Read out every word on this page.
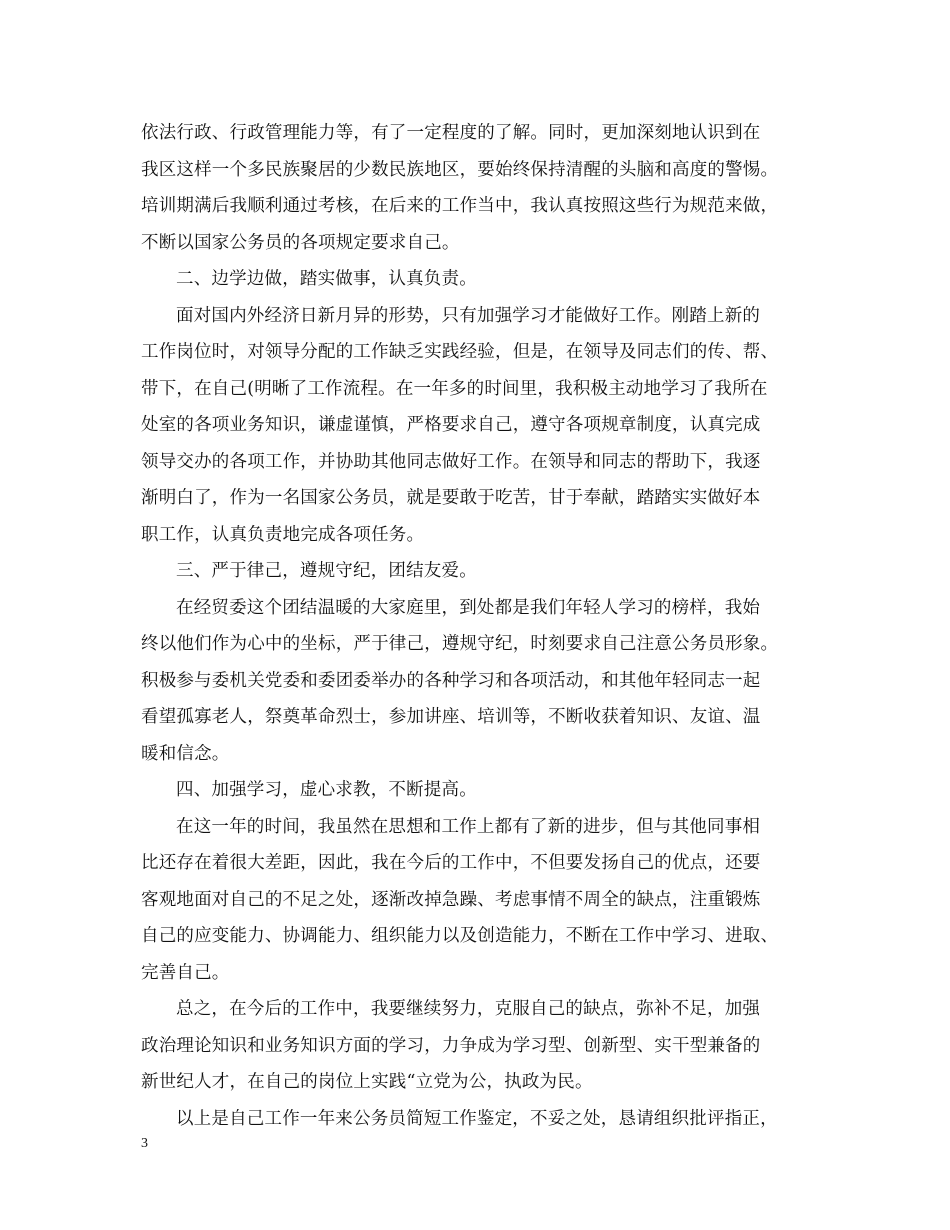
依法行政、行政管理能力等，有了一定程度的了解。同时，更加深刻地认识到在
我区这样一个多民族聚居的少数民族地区，要始终保持清醒的头脑和高度的警惕。
培训期满后我顺利通过考核，在后来的工作当中，我认真按照这些行为规范来做，
不断以国家公务员的各项规定要求自己。
二、边学边做，踏实做事，认真负责。
面对国内外经济日新月异的形势，只有加强学习才能做好工作。刚踏上新的
工作岗位时，对领导分配的工作缺乏实践经验，但是，在领导及同志们的传、帮、
带下，在自己(明晰了工作流程。在一年多的时间里，我积极主动地学习了我所在
处室的各项业务知识，谦虚谨慎，严格要求自己，遵守各项规章制度，认真完成
领导交办的各项工作，并协助其他同志做好工作。在领导和同志的帮助下，我逐
渐明白了，作为一名国家公务员，就是要敢于吃苦，甘于奉献，踏踏实实做好本
职工作，认真负责地完成各项任务。
三、严于律己，遵规守纪，团结友爱。
在经贸委这个团结温暖的大家庭里，到处都是我们年轻人学习的榜样，我始
终以他们作为心中的坐标，严于律己，遵规守纪，时刻要求自己注意公务员形象。
积极参与委机关党委和委团委举办的各种学习和各项活动，和其他年轻同志一起
看望孤寡老人，祭奠革命烈士，参加讲座、培训等，不断收获着知识、友谊、温
暖和信念。
四、加强学习，虚心求教，不断提高。
在这一年的时间，我虽然在思想和工作上都有了新的进步，但与其他同事相
比还存在着很大差距，因此，我在今后的工作中，不但要发扬自己的优点，还要
客观地面对自己的不足之处，逐渐改掉急躁、考虑事情不周全的缺点，注重锻炼
自己的应变能力、协调能力、组织能力以及创造能力，不断在工作中学习、进取、
完善自己。
总之，在今后的工作中，我要继续努力，克服自己的缺点，弥补不足，加强
政治理论知识和业务知识方面的学习，力争成为学习型、创新型、实干型兼备的
新世纪人才，在自己的岗位上实践“立党为公，执政为民。
以上是自己工作一年来公务员简短工作鉴定，不妥之处，恳请组织批评指正，
3
